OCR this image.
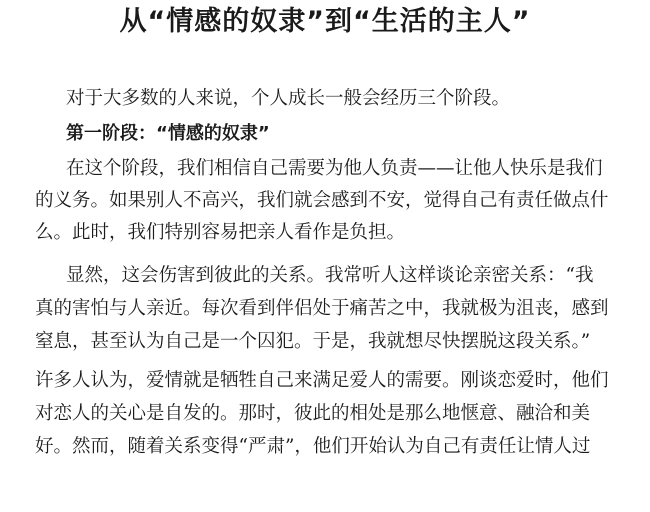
从“情感的奴隶”到“生活的主人”

对于大多数的人来说，个人成长一般会经历三个阶段。

第一阶段：“情感的奴隶”

在这个阶段，我们相信自己需要为他人负责——让他人快乐是我们

的义务。如果别人不高兴，我们就会感到不安，觉得自己有责任做点什

么。此时，我们特别容易把亲人看作是负担。

显然，这会伤害到彼此的关系。我常听人这样谈论亲密关系：“我

真的害怕与人亲近。每次看到伴侣处于痛苦之中，我就极为沮丧，感到

窒息，甚至认为自己是一个囚犯。于是，我就想尽快摆脱这段关系。”

许多人认为，爱情就是牺牲自己来满足爱人的需要。刚谈恋爱时，他们

对恋人的关心是自发的。那时，彼此的相处是那么地惬意、融洽和美

好。然而，随着关系变得“严肃”，他们开始认为自己有责任让情人过
